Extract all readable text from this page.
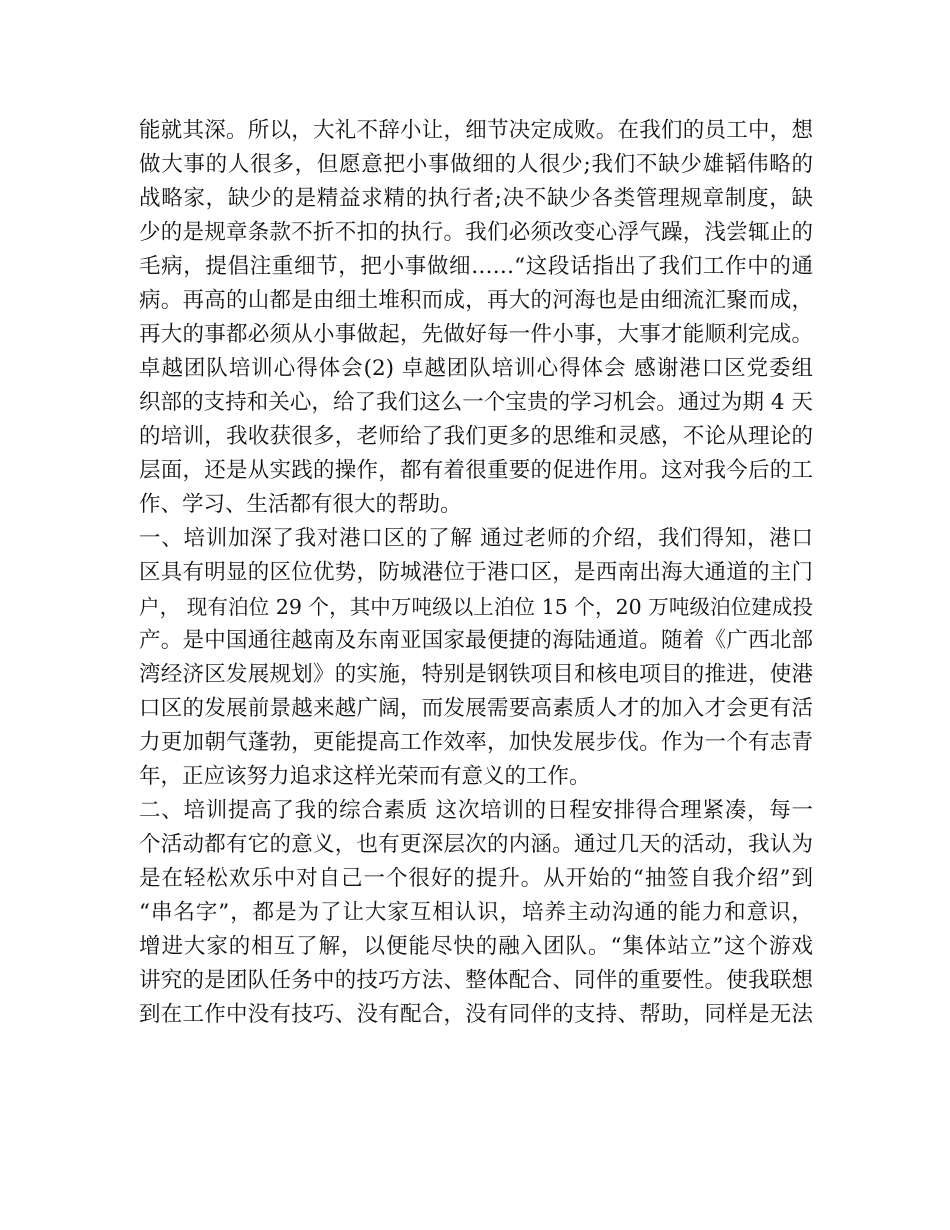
能就其深。所以，大礼不辞小让，细节决定成败。在我们的员工中，想
做大事的人很多，但愿意把小事做细的人很少;我们不缺少雄韬伟略的
战略家，缺少的是精益求精的执行者;决不缺少各类管理规章制度，缺
少的是规章条款不折不扣的执行。我们必须改变心浮气躁，浅尝辄止的
毛病，提倡注重细节，把小事做细……“这段话指出了我们工作中的通
病。再高的山都是由细土堆积而成，再大的河海也是由细流汇聚而成，
再大的事都必须从小事做起，先做好每一件小事，大事才能顺利完成。
卓越团队培训心得体会(2) 卓越团队培训心得体会 感谢港口区党委组
织部的支持和关心，给了我们这么一个宝贵的学习机会。通过为期 4 天
的培训，我收获很多，老师给了我们更多的思维和灵感，不论从理论的
层面，还是从实践的操作，都有着很重要的促进作用。这对我今后的工
作、学习、生活都有很大的帮助。
一、培训加深了我对港口区的了解 通过老师的介绍，我们得知，港口
区具有明显的区位优势，防城港位于港口区，是西南出海大通道的主门
户， 现有泊位 29 个，其中万吨级以上泊位 15 个，20 万吨级泊位建成投
产。是中国通往越南及东南亚国家最便捷的海陆通道。随着《广西北部
湾经济区发展规划》的实施，特别是钢铁项目和核电项目的推进，使港
口区的发展前景越来越广阔，而发展需要高素质人才的加入才会更有活
力更加朝气蓬勃，更能提高工作效率，加快发展步伐。作为一个有志青
年，正应该努力追求这样光荣而有意义的工作。
二、培训提高了我的综合素质 这次培训的日程安排得合理紧凑，每一
个活动都有它的意义，也有更深层次的内涵。通过几天的活动，我认为
是在轻松欢乐中对自己一个很好的提升。从开始的“抽签自我介绍”到
“串名字”，都是为了让大家互相认识，培养主动沟通的能力和意识，
增进大家的相互了解，以便能尽快的融入团队。“集体站立”这个游戏
讲究的是团队任务中的技巧方法、整体配合、同伴的重要性。使我联想
到在工作中没有技巧、没有配合，没有同伴的支持、帮助，同样是无法
